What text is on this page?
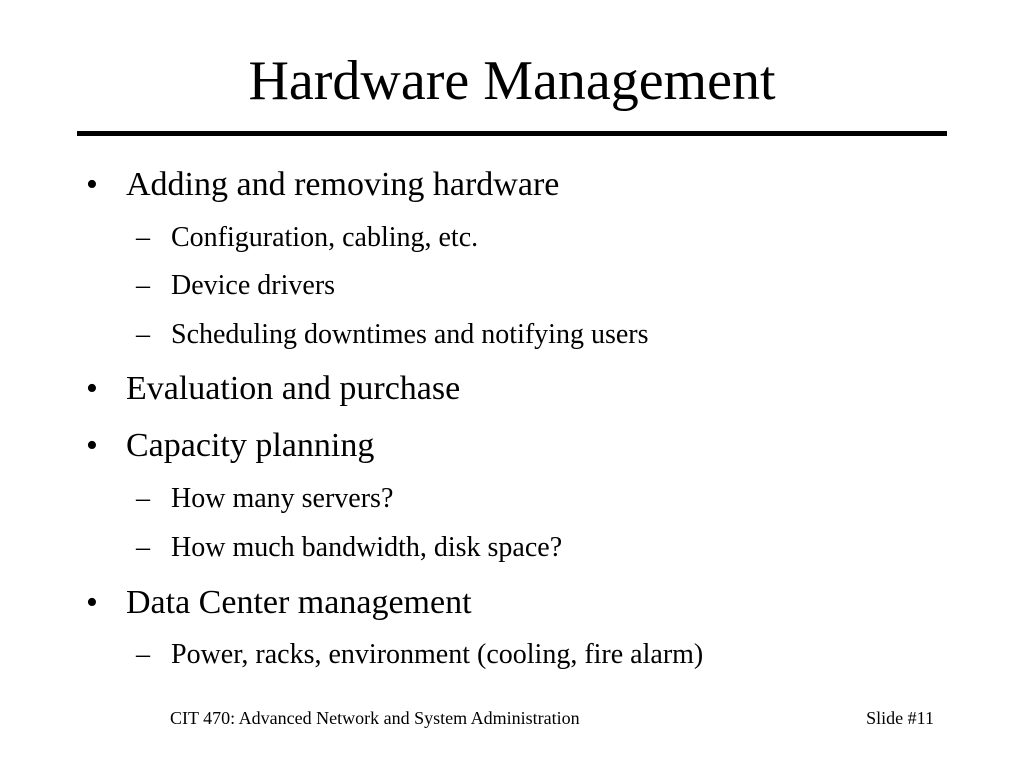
Hardware Management
• Adding and removing hardware
– Configuration, cabling, etc.
– Device drivers
– Scheduling downtimes and notifying users
• Evaluation and purchase
• Capacity planning
– How many servers?
– How much bandwidth, disk space?
• Data Center management
– Power, racks, environment (cooling, fire alarm)
CIT 470: Advanced Network and System Administration	Slide #11
